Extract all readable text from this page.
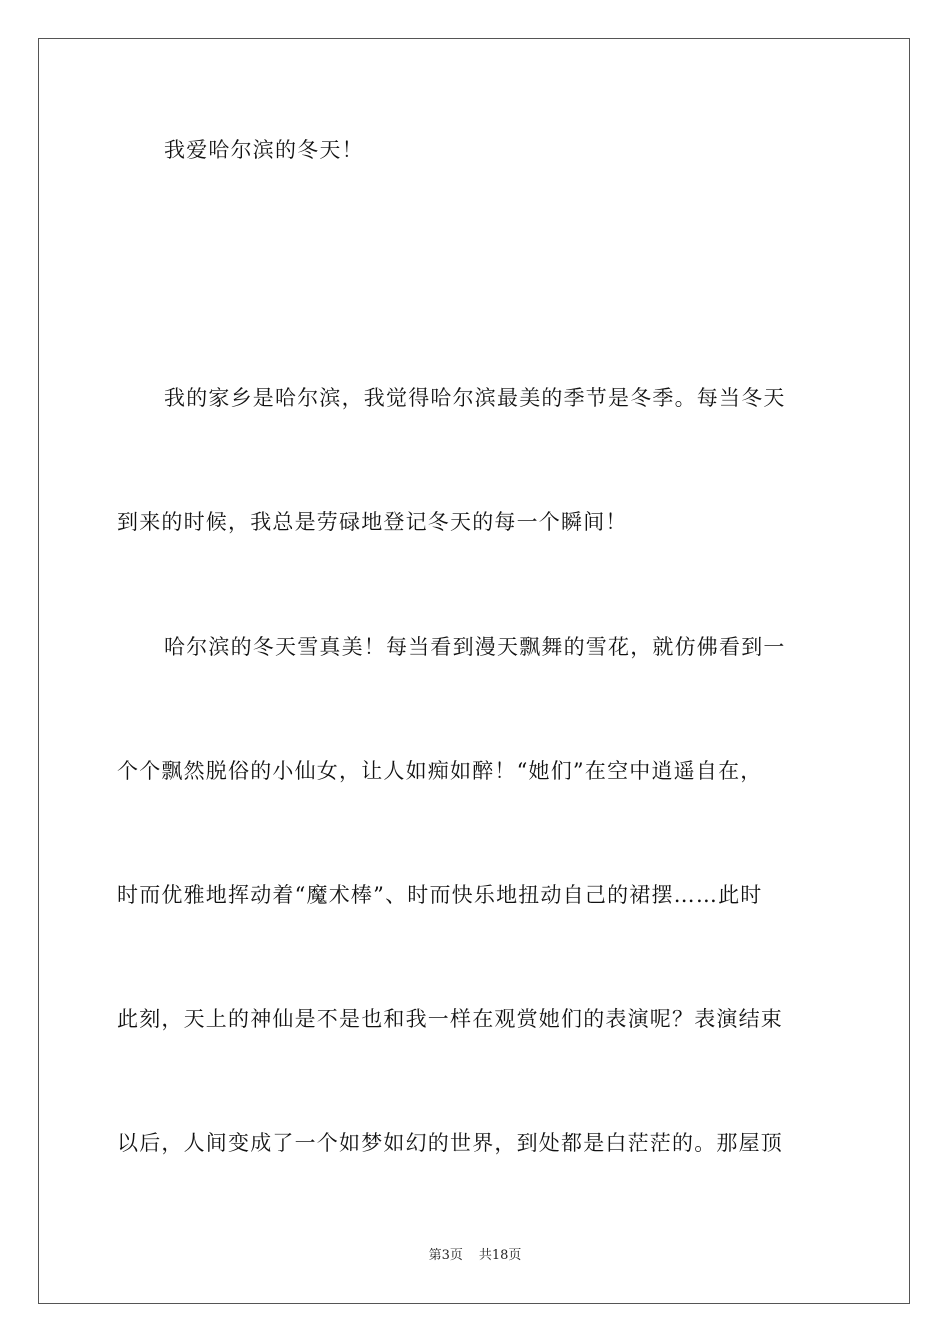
我爱哈尔滨的冬天！
我的家乡是哈尔滨，我觉得哈尔滨最美的季节是冬季。每当冬天
到来的时候，我总是劳碌地登记冬天的每一个瞬间！
哈尔滨的冬天雪真美！每当看到漫天飘舞的雪花，就仿佛看到一
个个飘然脱俗的小仙女，让人如痴如醉！“她们”在空中逍遥自在，
时而优雅地挥动着“魔术棒”、时而快乐地扭动自己的裙摆……此时
此刻，天上的神仙是不是也和我一样在观赏她们的表演呢？表演结束
以后，人间变成了一个如梦如幻的世界，到处都是白茫茫的。那屋顶
第3页 共18页
